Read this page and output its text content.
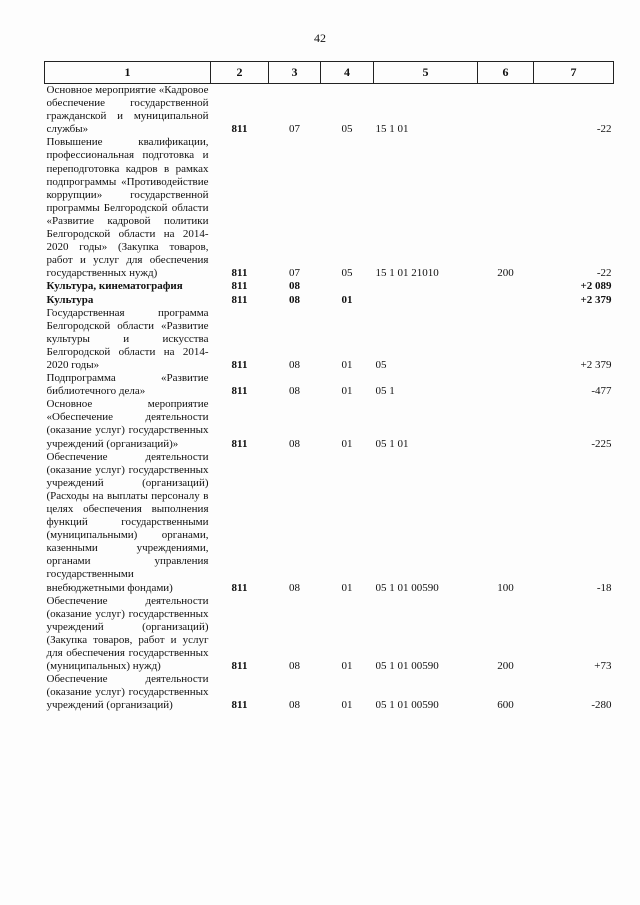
42
1	2	3	4	5	6	7
Основное мероприятие «Кадровое обеспечение государственной гражданской и муниципальной службы»	811	07	05	15 1 01		-22
Повышение квалификации, профессиональная подготовка и переподготовка кадров в рамках подпрограммы «Противодействие коррупции» государственной программы Белгородской области «Развитие кадровой политики Белгородской области на 2014-2020 годы» (Закупка товаров, работ и услуг для обеспечения государственных нужд)	811	07	05	15 1 01 21010	200	-22
Культура, кинематография	811	08				+2 089
Культура	811	08	01			+2 379
Государственная программа Белгородской области «Развитие культуры и искусства Белгородской области на 2014-2020 годы»	811	08	01	05		+2 379
Подпрограмма «Развитие библиотечного дела»	811	08	01	05 1		-477
Основное мероприятие «Обеспечение деятельности (оказание услуг) государственных учреждений (организаций)»	811	08	01	05 1 01		-225
Обеспечение деятельности (оказание услуг) государственных учреждений (организаций) (Расходы на выплаты персоналу в целях обеспечения выполнения функций государственными (муниципальными) органами, казенными учреждениями, органами управления государственными внебюджетными фондами)	811	08	01	05 1 01 00590	100	-18
Обеспечение деятельности (оказание услуг) государственных учреждений (организаций) (Закупка товаров, работ и услуг для обеспечения государственных (муниципальных) нужд)	811	08	01	05 1 01 00590	200	+73
Обеспечение деятельности (оказание услуг) государственных учреждений (организаций)	811	08	01	05 1 01 00590	600	-280
